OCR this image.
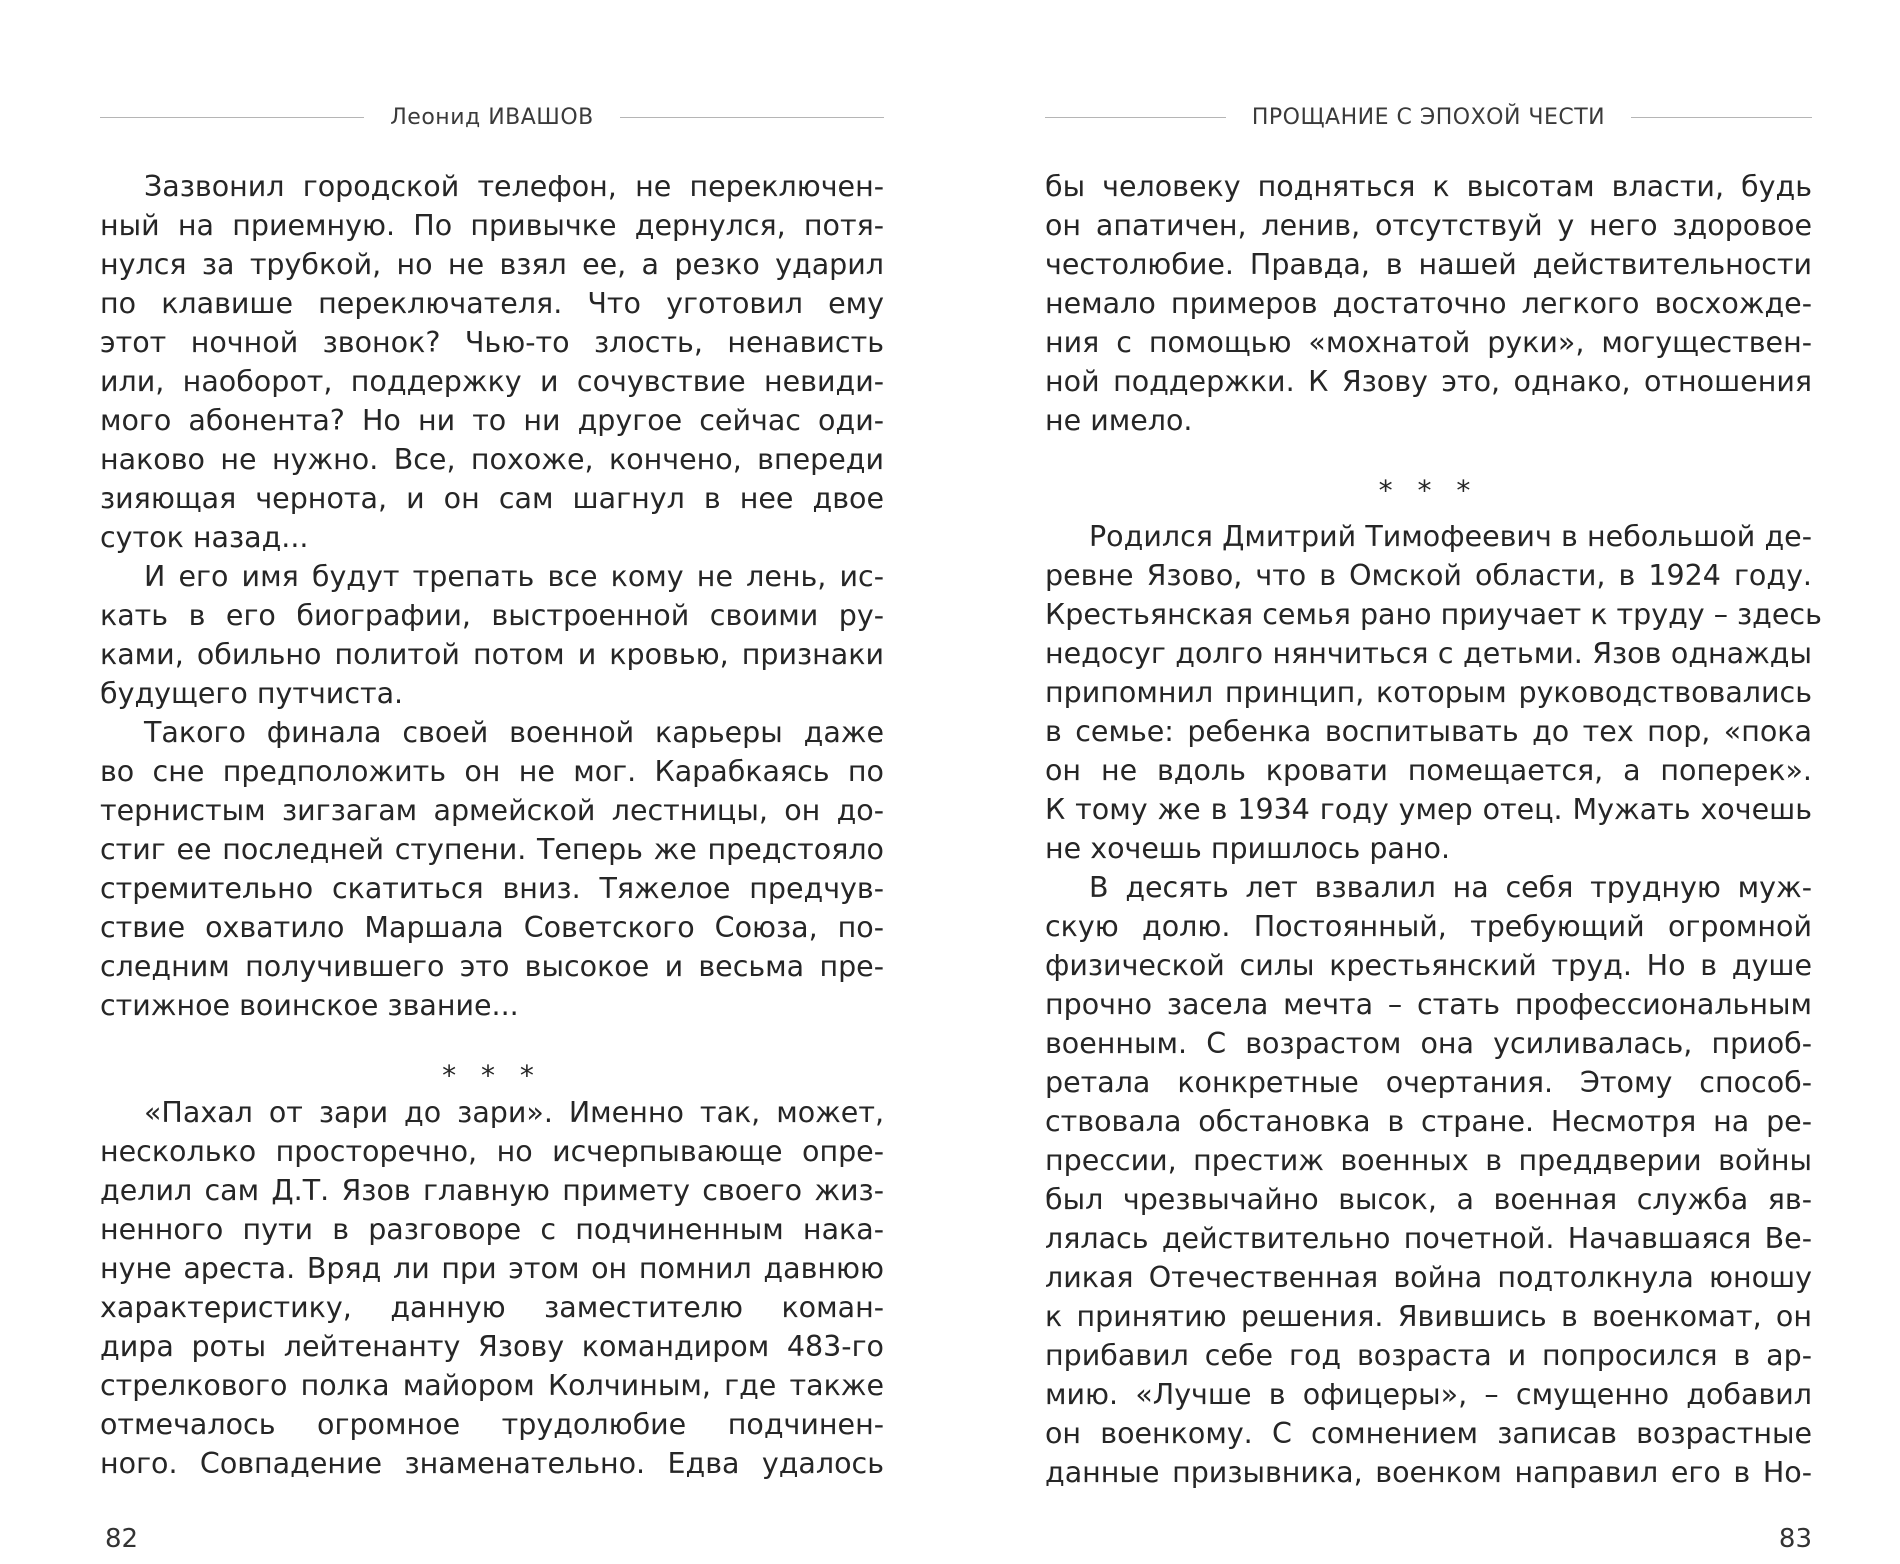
Леонид ИВАШОВ
Зазвонил городской телефон, не переключен-
ный на приемную. По привычке дернулся, потя-
нулся за трубкой, но не взял ее, а резко ударил
по клавише переключателя. Что уготовил ему
этот ночной звонок? Чью-то злость, ненависть
или, наоборот, поддержку и сочувствие невиди-
мого абонента? Но ни то ни другое сейчас оди-
наково не нужно. Все, похоже, кончено, впереди
зияющая чернота, и он сам шагнул в нее двое
суток назад...
И его имя будут трепать все кому не лень, ис-
кать в его биографии, выстроенной своими ру-
ками, обильно политой потом и кровью, признаки
будущего путчиста.
Такого финала своей военной карьеры даже
во сне предположить он не мог. Карабкаясь по
тернистым зигзагам армейской лестницы, он до-
стиг ее последней ступени. Теперь же предстояло
стремительно скатиться вниз. Тяжелое предчув-
ствие охватило Маршала Советского Союза, по-
следним получившего это высокое и весьма пре-
стижное воинское звание...
* * *
«Пахал от зари до зари». Именно так, может,
несколько просторечно, но исчерпывающе опре-
делил сам Д.Т. Язов главную примету своего жиз-
ненного пути в разговоре с подчиненным нака-
нуне ареста. Вряд ли при этом он помнил давнюю
характеристику, данную заместителю коман-
дира роты лейтенанту Язову командиром 483-го
стрелкового полка майором Колчиным, где также
отмечалось огромное трудолюбие подчинен-
ного. Совпадение знаменательно. Едва удалось
82
ПРОЩАНИЕ С ЭПОХОЙ ЧЕСТИ
бы человеку подняться к высотам власти, будь
он апатичен, ленив, отсутствуй у него здоровое
честолюбие. Правда, в нашей действительности
немало примеров достаточно легкого восхожде-
ния с помощью «мохнатой руки», могуществен-
ной поддержки. К Язову это, однако, отношения
не имело.
* * *
Родился Дмитрий Тимофеевич в небольшой де-
ревне Язово, что в Омской области, в 1924 году.
Крестьянская семья рано приучает к труду – здесь
недосуг долго нянчиться с детьми. Язов однажды
припомнил принцип, которым руководствовались
в семье: ребенка воспитывать до тех пор, «пока
он не вдоль кровати помещается, а поперек».
К тому же в 1934 году умер отец. Мужать хочешь
не хочешь пришлось рано.
В десять лет взвалил на себя трудную муж-
скую долю. Постоянный, требующий огромной
физической силы крестьянский труд. Но в душе
прочно засела мечта – стать профессиональным
военным. С возрастом она усиливалась, приоб-
ретала конкретные очертания. Этому способ-
ствовала обстановка в стране. Несмотря на ре-
прессии, престиж военных в преддверии войны
был чрезвычайно высок, а военная служба яв-
лялась действительно почетной. Начавшаяся Ве-
ликая Отечественная война подтолкнула юношу
к принятию решения. Явившись в военкомат, он
прибавил себе год возраста и попросился в ар-
мию. «Лучше в офицеры», – смущенно добавил
он военкому. С сомнением записав возрастные
данные призывника, военком направил его в Но-
83
